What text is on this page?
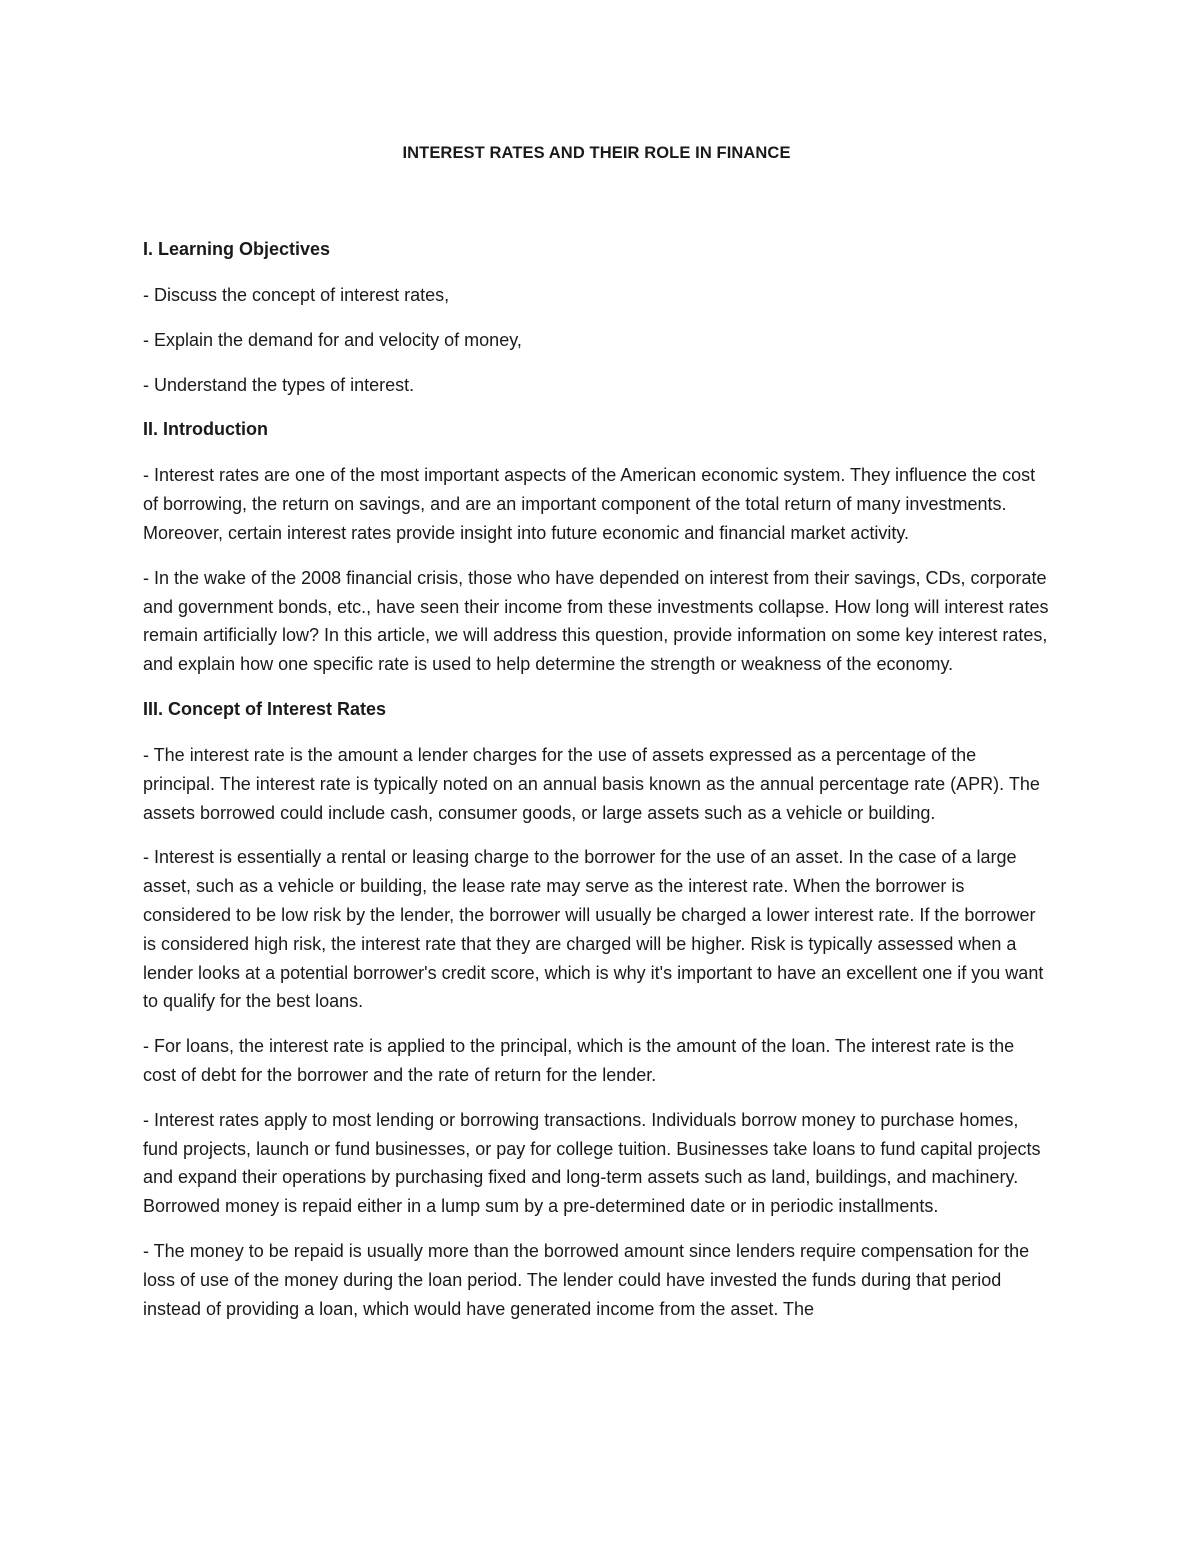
INTEREST RATES AND THEIR ROLE IN FINANCE
I. Learning Objectives
- Discuss the concept of interest rates,
- Explain the demand for and velocity of money,
- Understand the types of interest.
II. Introduction
- Interest rates are one of the most important aspects of the American economic system. They influence the cost of borrowing, the return on savings, and are an important component of the total return of many investments. Moreover, certain interest rates provide insight into future economic and financial market activity.
- In the wake of the 2008 financial crisis, those who have depended on interest from their savings, CDs, corporate and government bonds, etc., have seen their income from these investments collapse. How long will interest rates remain artificially low? In this article, we will address this question, provide information on some key interest rates, and explain how one specific rate is used to help determine the strength or weakness of the economy.
III. Concept of Interest Rates
- The interest rate is the amount a lender charges for the use of assets expressed as a percentage of the principal. The interest rate is typically noted on an annual basis known as the annual percentage rate (APR). The assets borrowed could include cash, consumer goods, or large assets such as a vehicle or building.
- Interest is essentially a rental or leasing charge to the borrower for the use of an asset. In the case of a large asset, such as a vehicle or building, the lease rate may serve as the interest rate. When the borrower is considered to be low risk by the lender, the borrower will usually be charged a lower interest rate. If the borrower is considered high risk, the interest rate that they are charged will be higher. Risk is typically assessed when a lender looks at a potential borrower's credit score, which is why it's important to have an excellent one if you want to qualify for the best loans.
- For loans, the interest rate is applied to the principal, which is the amount of the loan. The interest rate is the cost of debt for the borrower and the rate of return for the lender.
- Interest rates apply to most lending or borrowing transactions. Individuals borrow money to purchase homes, fund projects, launch or fund businesses, or pay for college tuition. Businesses take loans to fund capital projects and expand their operations by purchasing fixed and long-term assets such as land, buildings, and machinery. Borrowed money is repaid either in a lump sum by a pre-determined date or in periodic installments.
- The money to be repaid is usually more than the borrowed amount since lenders require compensation for the loss of use of the money during the loan period. The lender could have invested the funds during that period instead of providing a loan, which would have generated income from the asset. The
